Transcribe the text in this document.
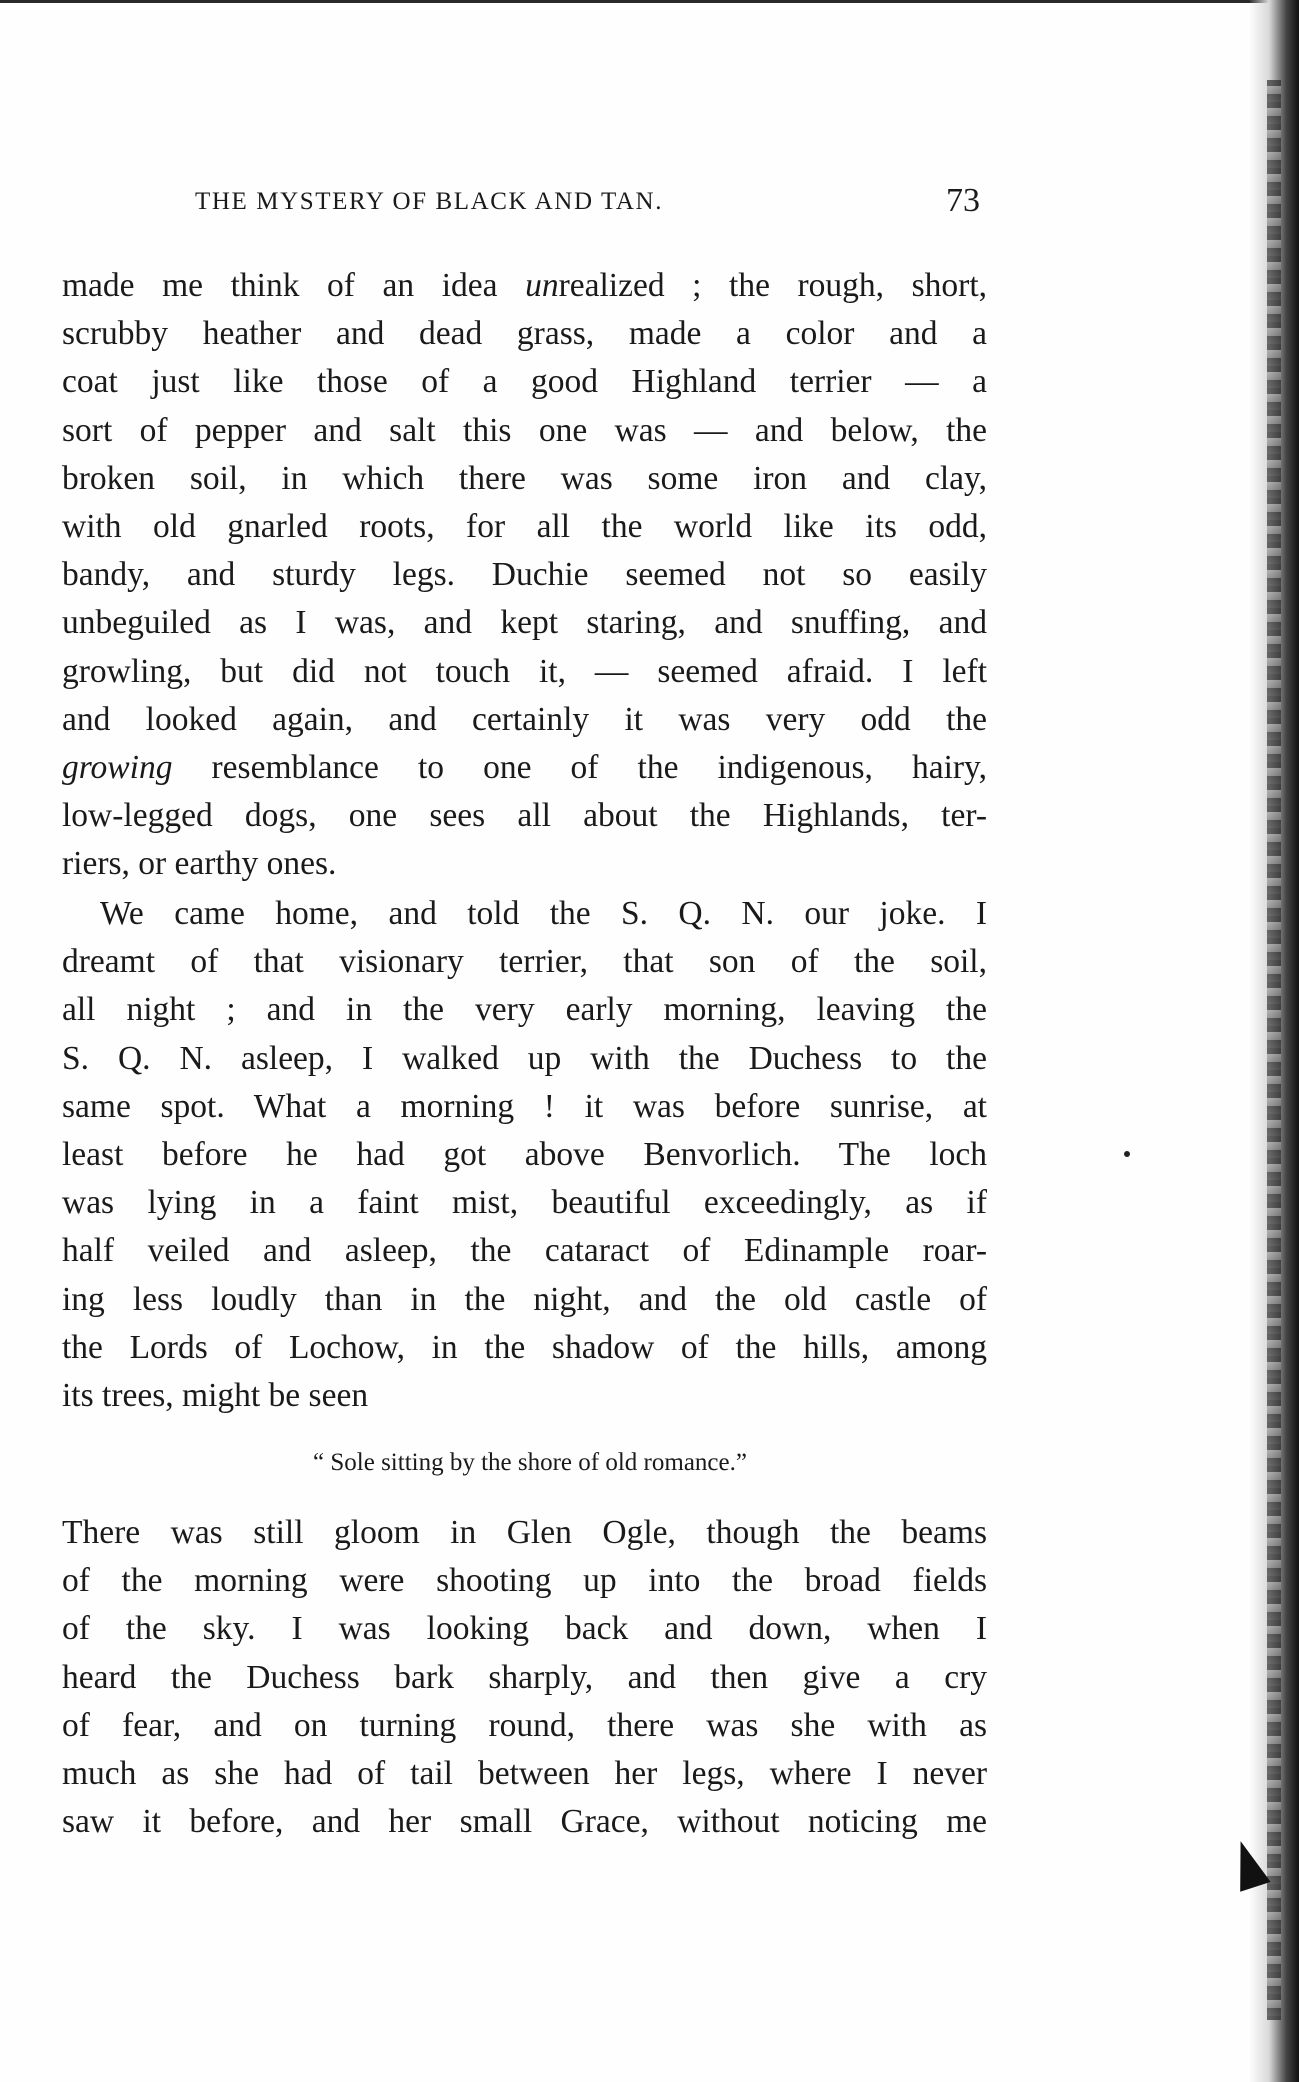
THE MYSTERY OF BLACK AND TAN.	73
made me think of an idea unrealized ; the rough, short,
scrubby heather and dead grass, made a color and a
coat just like those of a good Highland terrier — a
sort of pepper and salt this one was — and below, the
broken soil, in which there was some iron and clay,
with old gnarled roots, for all the world like its odd,
bandy, and sturdy legs. Duchie seemed not so easily
unbeguiled as I was, and kept staring, and snuffing, and
growling, but did not touch it, — seemed afraid. I left
and looked again, and certainly it was very odd the
growing resemblance to one of the indigenous, hairy,
low-legged dogs, one sees all about the Highlands, ter-
riers, or earthy ones.
We came home, and told the S. Q. N. our joke. I
dreamt of that visionary terrier, that son of the soil,
all night ; and in the very early morning, leaving the
S. Q. N. asleep, I walked up with the Duchess to the
same spot. What a morning ! it was before sunrise, at
least before he had got above Benvorlich. The loch
was lying in a faint mist, beautiful exceedingly, as if
half veiled and asleep, the cataract of Edinample roar-
ing less loudly than in the night, and the old castle of
the Lords of Lochow, in the shadow of the hills, among
its trees, might be seen
“ Sole sitting by the shore of old romance.”
There was still gloom in Glen Ogle, though the beams
of the morning were shooting up into the broad fields
of the sky. I was looking back and down, when I
heard the Duchess bark sharply, and then give a cry
of fear, and on turning round, there was she with as
much as she had of tail between her legs, where I never
saw it before, and her small Grace, without noticing me
